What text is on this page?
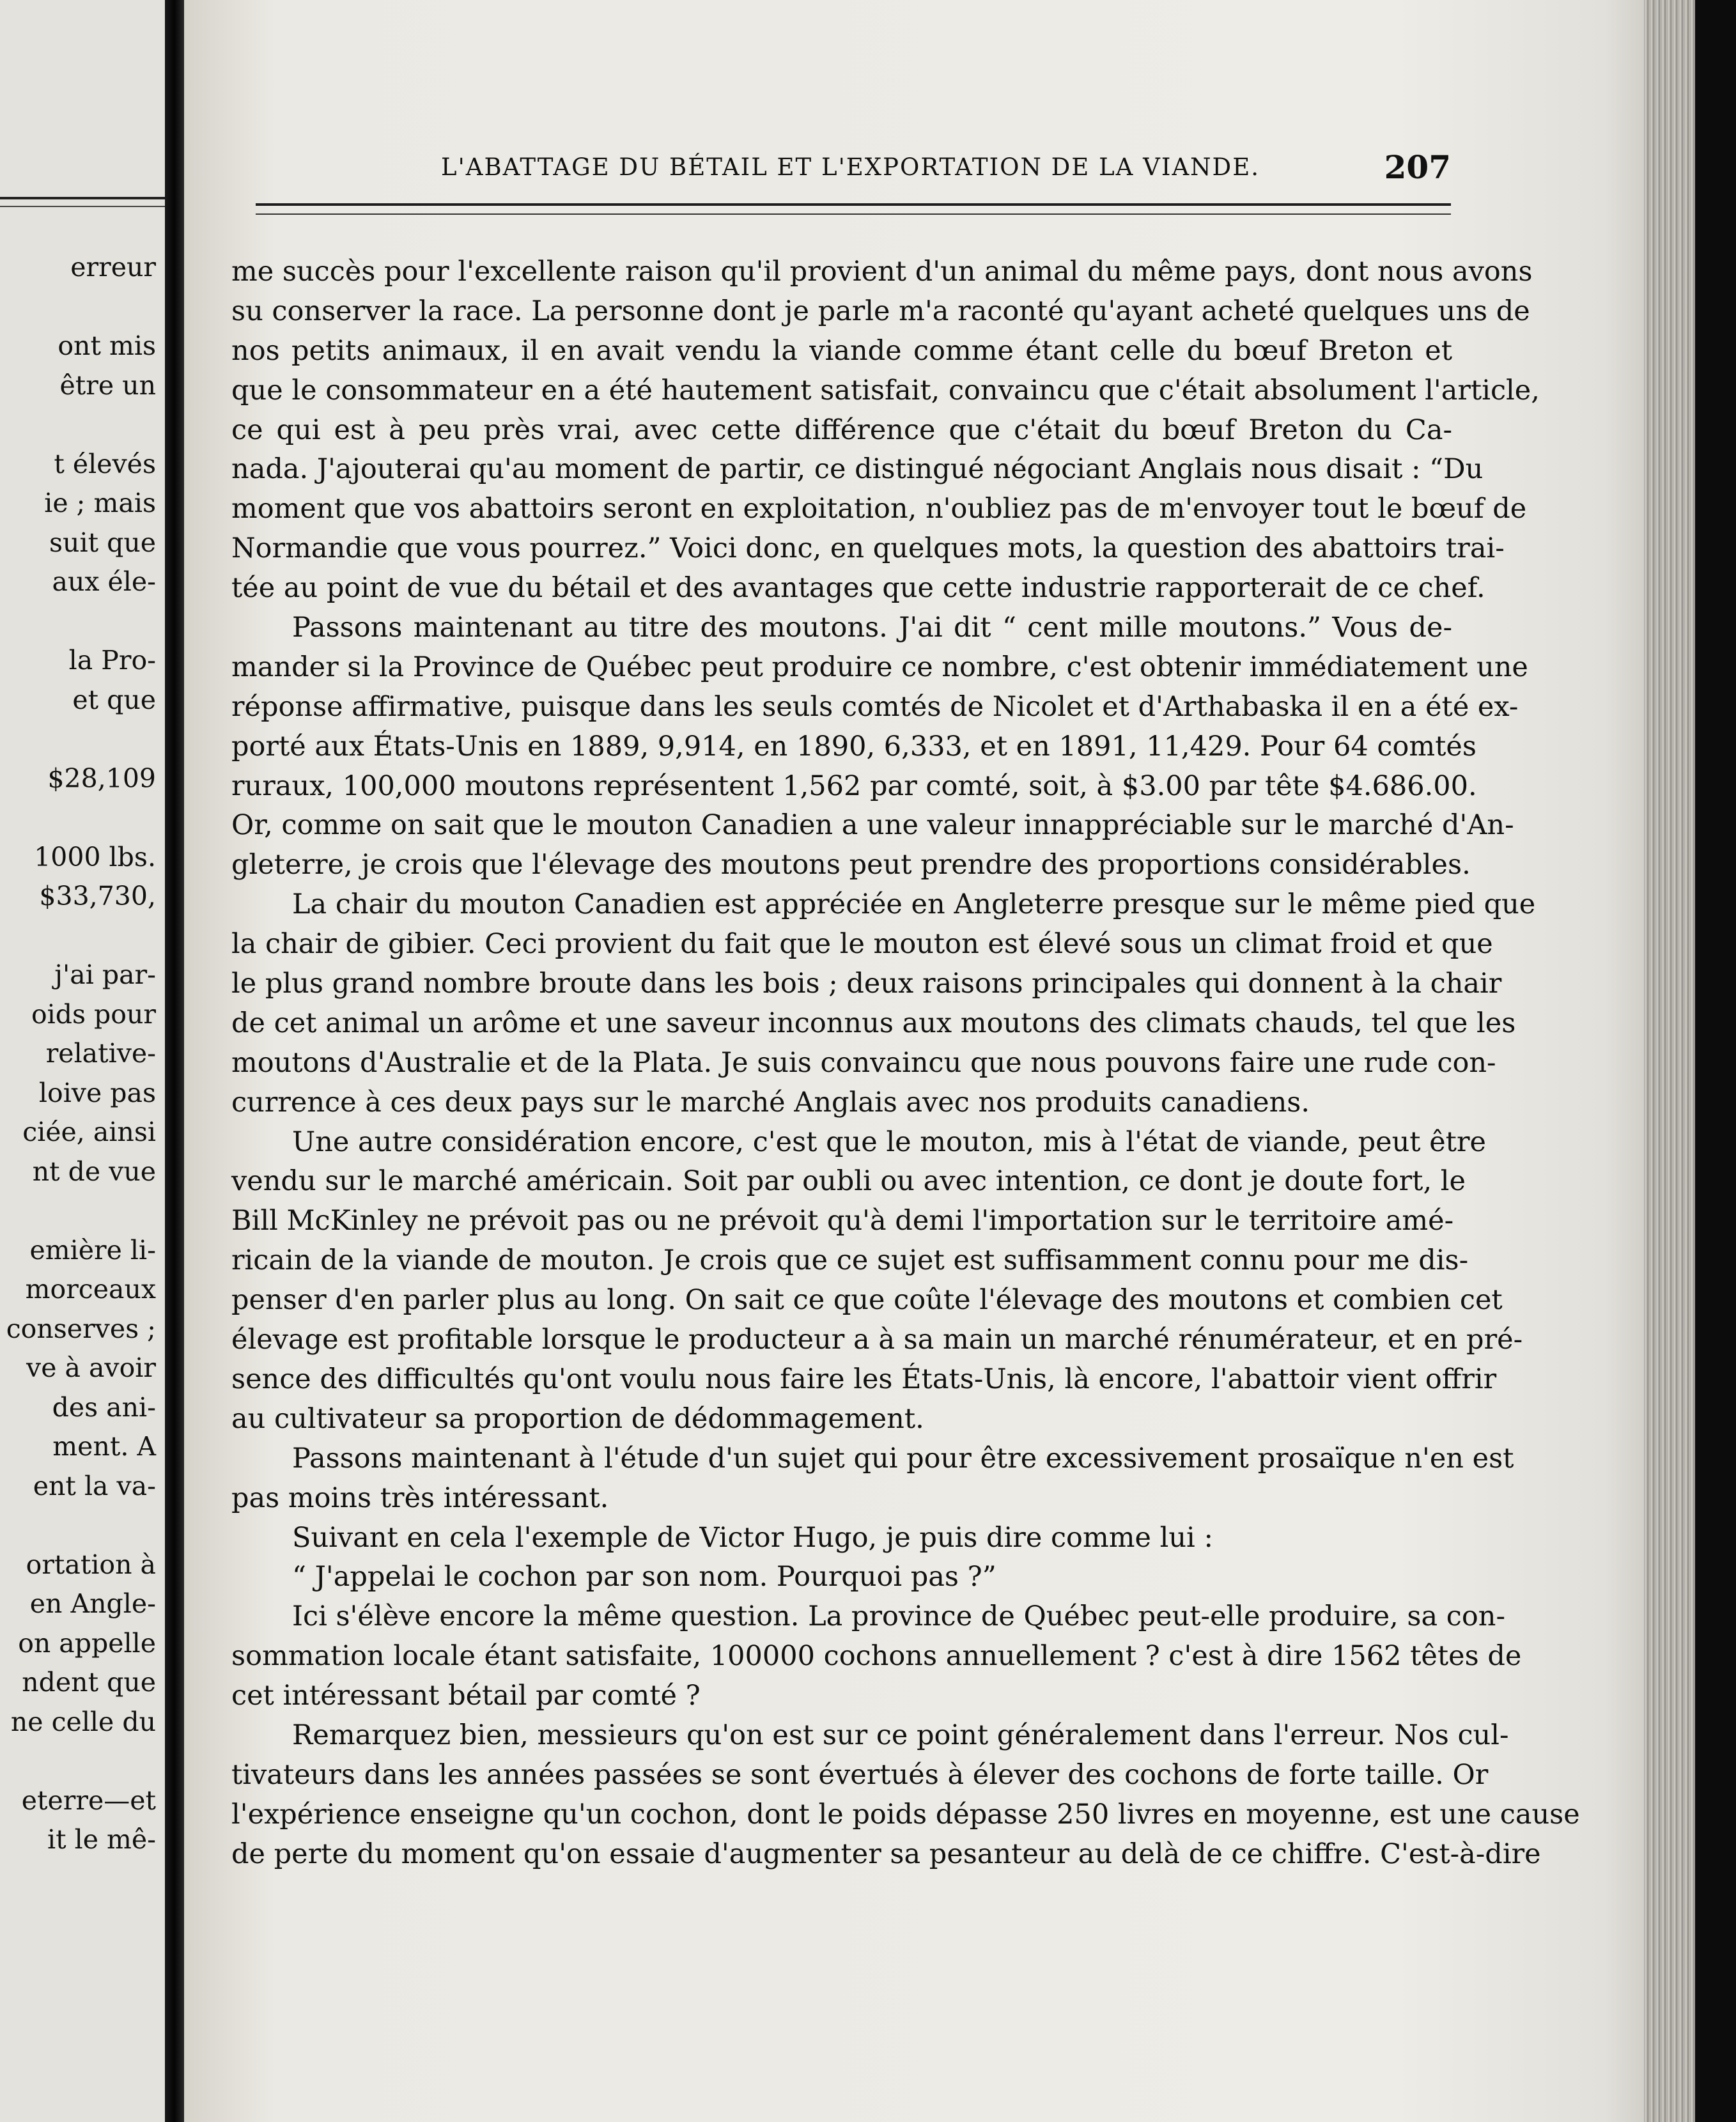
erreur
ont mis
être un
t élevés
ie ; mais
suit que
aux éle-
la Pro-
et que
$28,109
1000 lbs.
$33,730,
j'ai par-
oids pour
relative-
loive pas
ciée, ainsi
nt de vue
emière li-
morceaux
conserves ;
ve à avoir
des ani-
ment. A
ent la va-
ortation à
en Angle-
on appelle
ndent que
ne celle du
eterre—et
it le mê-
L'ABATTAGE DU BÉTAIL ET L'EXPORTATION DE LA VIANDE.	207
me succès pour l'excellente raison qu'il provient d'un animal du même pays, dont nous avons
su conserver la race. La personne dont je parle m'a raconté qu'ayant acheté quelques uns de
nos petits animaux, il en avait vendu la viande comme étant celle du bœuf Breton et
que le consommateur en a été hautement satisfait, convaincu que c'était absolument l'article,
ce qui est à peu près vrai, avec cette différence que c'était du bœuf Breton du Ca-
nada. J'ajouterai qu'au moment de partir, ce distingué négociant Anglais nous disait : “Du
moment que vos abattoirs seront en exploitation, n'oubliez pas de m'envoyer tout le bœuf de
Normandie que vous pourrez.” Voici donc, en quelques mots, la question des abattoirs trai-
tée au point de vue du bétail et des avantages que cette industrie rapporterait de ce chef.
Passons maintenant au titre des moutons. J'ai dit “ cent mille moutons.” Vous de-
mander si la Province de Québec peut produire ce nombre, c'est obtenir immédiatement une
réponse affirmative, puisque dans les seuls comtés de Nicolet et d'Arthabaska il en a été ex-
porté aux États-Unis en 1889, 9,914, en 1890, 6,333, et en 1891, 11,429. Pour 64 comtés
ruraux, 100,000 moutons représentent 1,562 par comté, soit, à $3.00 par tête $4.686.00.
Or, comme on sait que le mouton Canadien a une valeur innappréciable sur le marché d'An-
gleterre, je crois que l'élevage des moutons peut prendre des proportions considérables.
La chair du mouton Canadien est appréciée en Angleterre presque sur le même pied que
la chair de gibier. Ceci provient du fait que le mouton est élevé sous un climat froid et que
le plus grand nombre broute dans les bois ; deux raisons principales qui donnent à la chair
de cet animal un arôme et une saveur inconnus aux moutons des climats chauds, tel que les
moutons d'Australie et de la Plata. Je suis convaincu que nous pouvons faire une rude con-
currence à ces deux pays sur le marché Anglais avec nos produits canadiens.
Une autre considération encore, c'est que le mouton, mis à l'état de viande, peut être
vendu sur le marché américain. Soit par oubli ou avec intention, ce dont je doute fort, le
Bill McKinley ne prévoit pas ou ne prévoit qu'à demi l'importation sur le territoire amé-
ricain de la viande de mouton. Je crois que ce sujet est suffisamment connu pour me dis-
penser d'en parler plus au long. On sait ce que coûte l'élevage des moutons et combien cet
élevage est profitable lorsque le producteur a à sa main un marché rénumérateur, et en pré-
sence des difficultés qu'ont voulu nous faire les États-Unis, là encore, l'abattoir vient offrir
au cultivateur sa proportion de dédommagement.
Passons maintenant à l'étude d'un sujet qui pour être excessivement prosaïque n'en est
pas moins très intéressant.
Suivant en cela l'exemple de Victor Hugo, je puis dire comme lui :
“ J'appelai le cochon par son nom. Pourquoi pas ?”
Ici s'élève encore la même question. La province de Québec peut-elle produire, sa con-
sommation locale étant satisfaite, 100000 cochons annuellement ? c'est à dire 1562 têtes de
cet intéressant bétail par comté ?
Remarquez bien, messieurs qu'on est sur ce point généralement dans l'erreur. Nos cul-
tivateurs dans les années passées se sont évertués à élever des cochons de forte taille. Or
l'expérience enseigne qu'un cochon, dont le poids dépasse 250 livres en moyenne, est une cause
de perte du moment qu'on essaie d'augmenter sa pesanteur au delà de ce chiffre. C'est-à-dire
